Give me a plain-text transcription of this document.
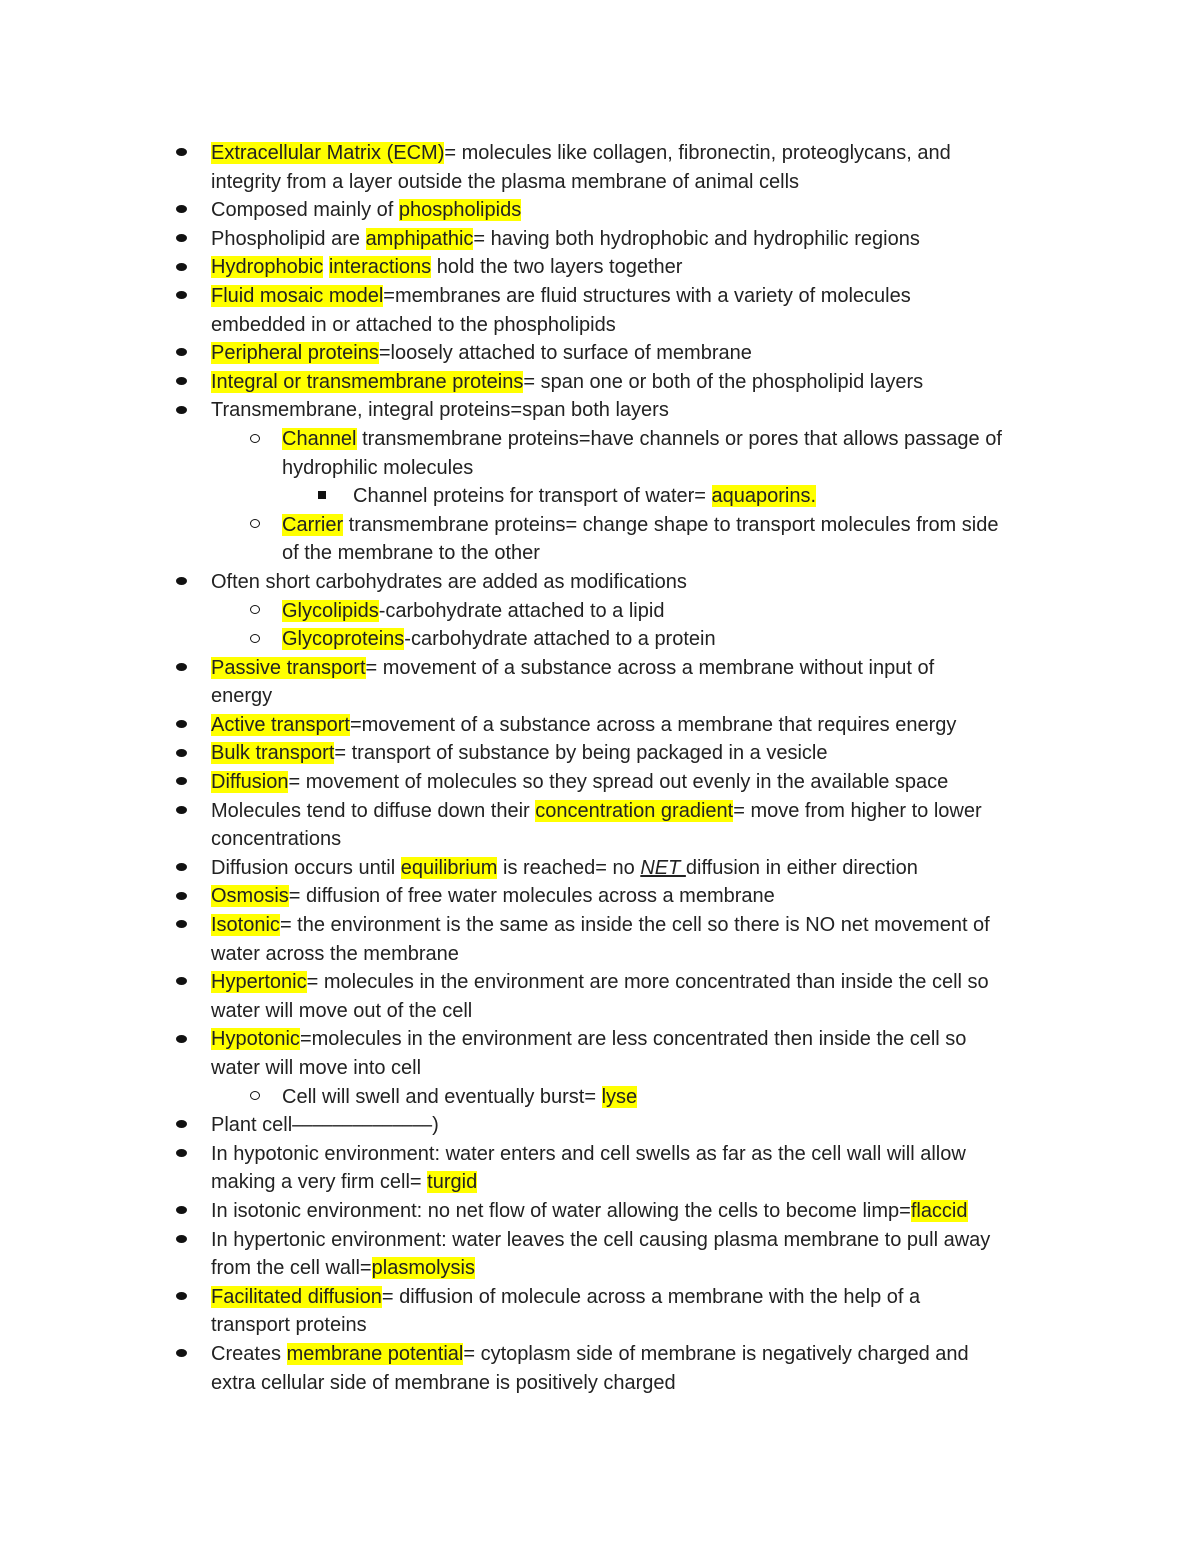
Extracellular Matrix (ECM)= molecules like collagen, fibronectin, proteoglycans, and
integrity from a layer outside the plasma membrane of animal cells
Composed mainly of phospholipids
Phospholipid are amphipathic= having both hydrophobic and hydrophilic regions
Hydrophobic interactions hold the two layers together
Fluid mosaic model=membranes are fluid structures with a variety of molecules
embedded in or attached to the phospholipids
Peripheral proteins=loosely attached to surface of membrane
Integral or transmembrane proteins= span one or both of the phospholipid layers
Transmembrane, integral proteins=span both layers
Channel transmembrane proteins=have channels or pores that allows passage of
hydrophilic molecules
Channel proteins for transport of water= aquaporins.
Carrier transmembrane proteins= change shape to transport molecules from side
of the membrane to the other
Often short carbohydrates are added as modifications
Glycolipids-carbohydrate attached to a lipid
Glycoproteins-carbohydrate attached to a protein
Passive transport= movement of a substance across a membrane without input of
energy
Active transport=movement of a substance across a membrane that requires energy
Bulk transport= transport of substance by being packaged in a vesicle
Diffusion= movement of molecules so they spread out evenly in the available space
Molecules tend to diffuse down their concentration gradient= move from higher to lower
concentrations
Diffusion occurs until equilibrium is reached= no NET diffusion in either direction
Osmosis= diffusion of free water molecules across a membrane
Isotonic= the environment is the same as inside the cell so there is NO net movement of
water across the membrane
Hypertonic= molecules in the environment are more concentrated than inside the cell so
water will move out of the cell
Hypotonic=molecules in the environment are less concentrated then inside the cell so
water will move into cell
Cell will swell and eventually burst= lyse
Plant cell———————)
In hypotonic environment: water enters and cell swells as far as the cell wall will allow
making a very firm cell= turgid
In isotonic environment: no net flow of water allowing the cells to become limp=flaccid
In hypertonic environment: water leaves the cell causing plasma membrane to pull away
from the cell wall=plasmolysis
Facilitated diffusion= diffusion of molecule across a membrane with the help of a
transport proteins
Creates membrane potential= cytoplasm side of membrane is negatively charged and
extra cellular side of membrane is positively charged
